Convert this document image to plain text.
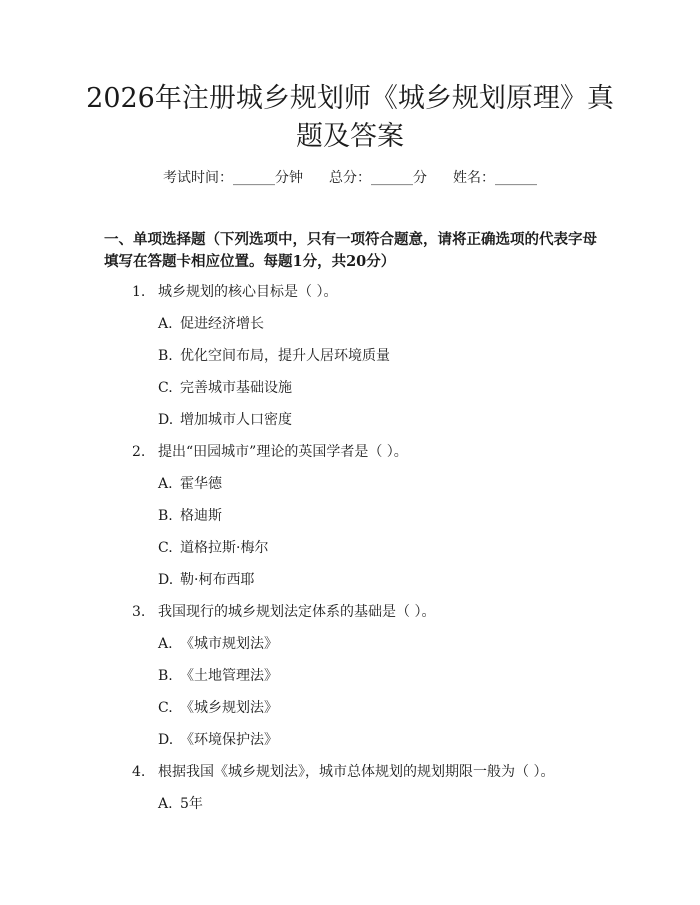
2026年注册城乡规划师《城乡规划原理》真题及答案
考试时间：______分钟 总分：______分 姓名：______

一、单项选择题（下列选项中，只有一项符合题意，请将正确选项的代表字母填写在答题卡相应位置。每题1分，共20分）

1. 城乡规划的核心目标是（ ）。
A. 促进经济增长
B. 优化空间布局，提升人居环境质量
C. 完善城市基础设施
D. 增加城市人口密度
2. 提出“田园城市”理论的英国学者是（ ）。
A. 霍华德
B. 格迪斯
C. 道格拉斯·梅尔
D. 勒·柯布西耶
3. 我国现行的城乡规划法定体系的基础是（ ）。
A. 《城市规划法》
B. 《土地管理法》
C. 《城乡规划法》
D. 《环境保护法》
4. 根据我国《城乡规划法》，城市总体规划的规划期限一般为（ ）。
A. 5年
